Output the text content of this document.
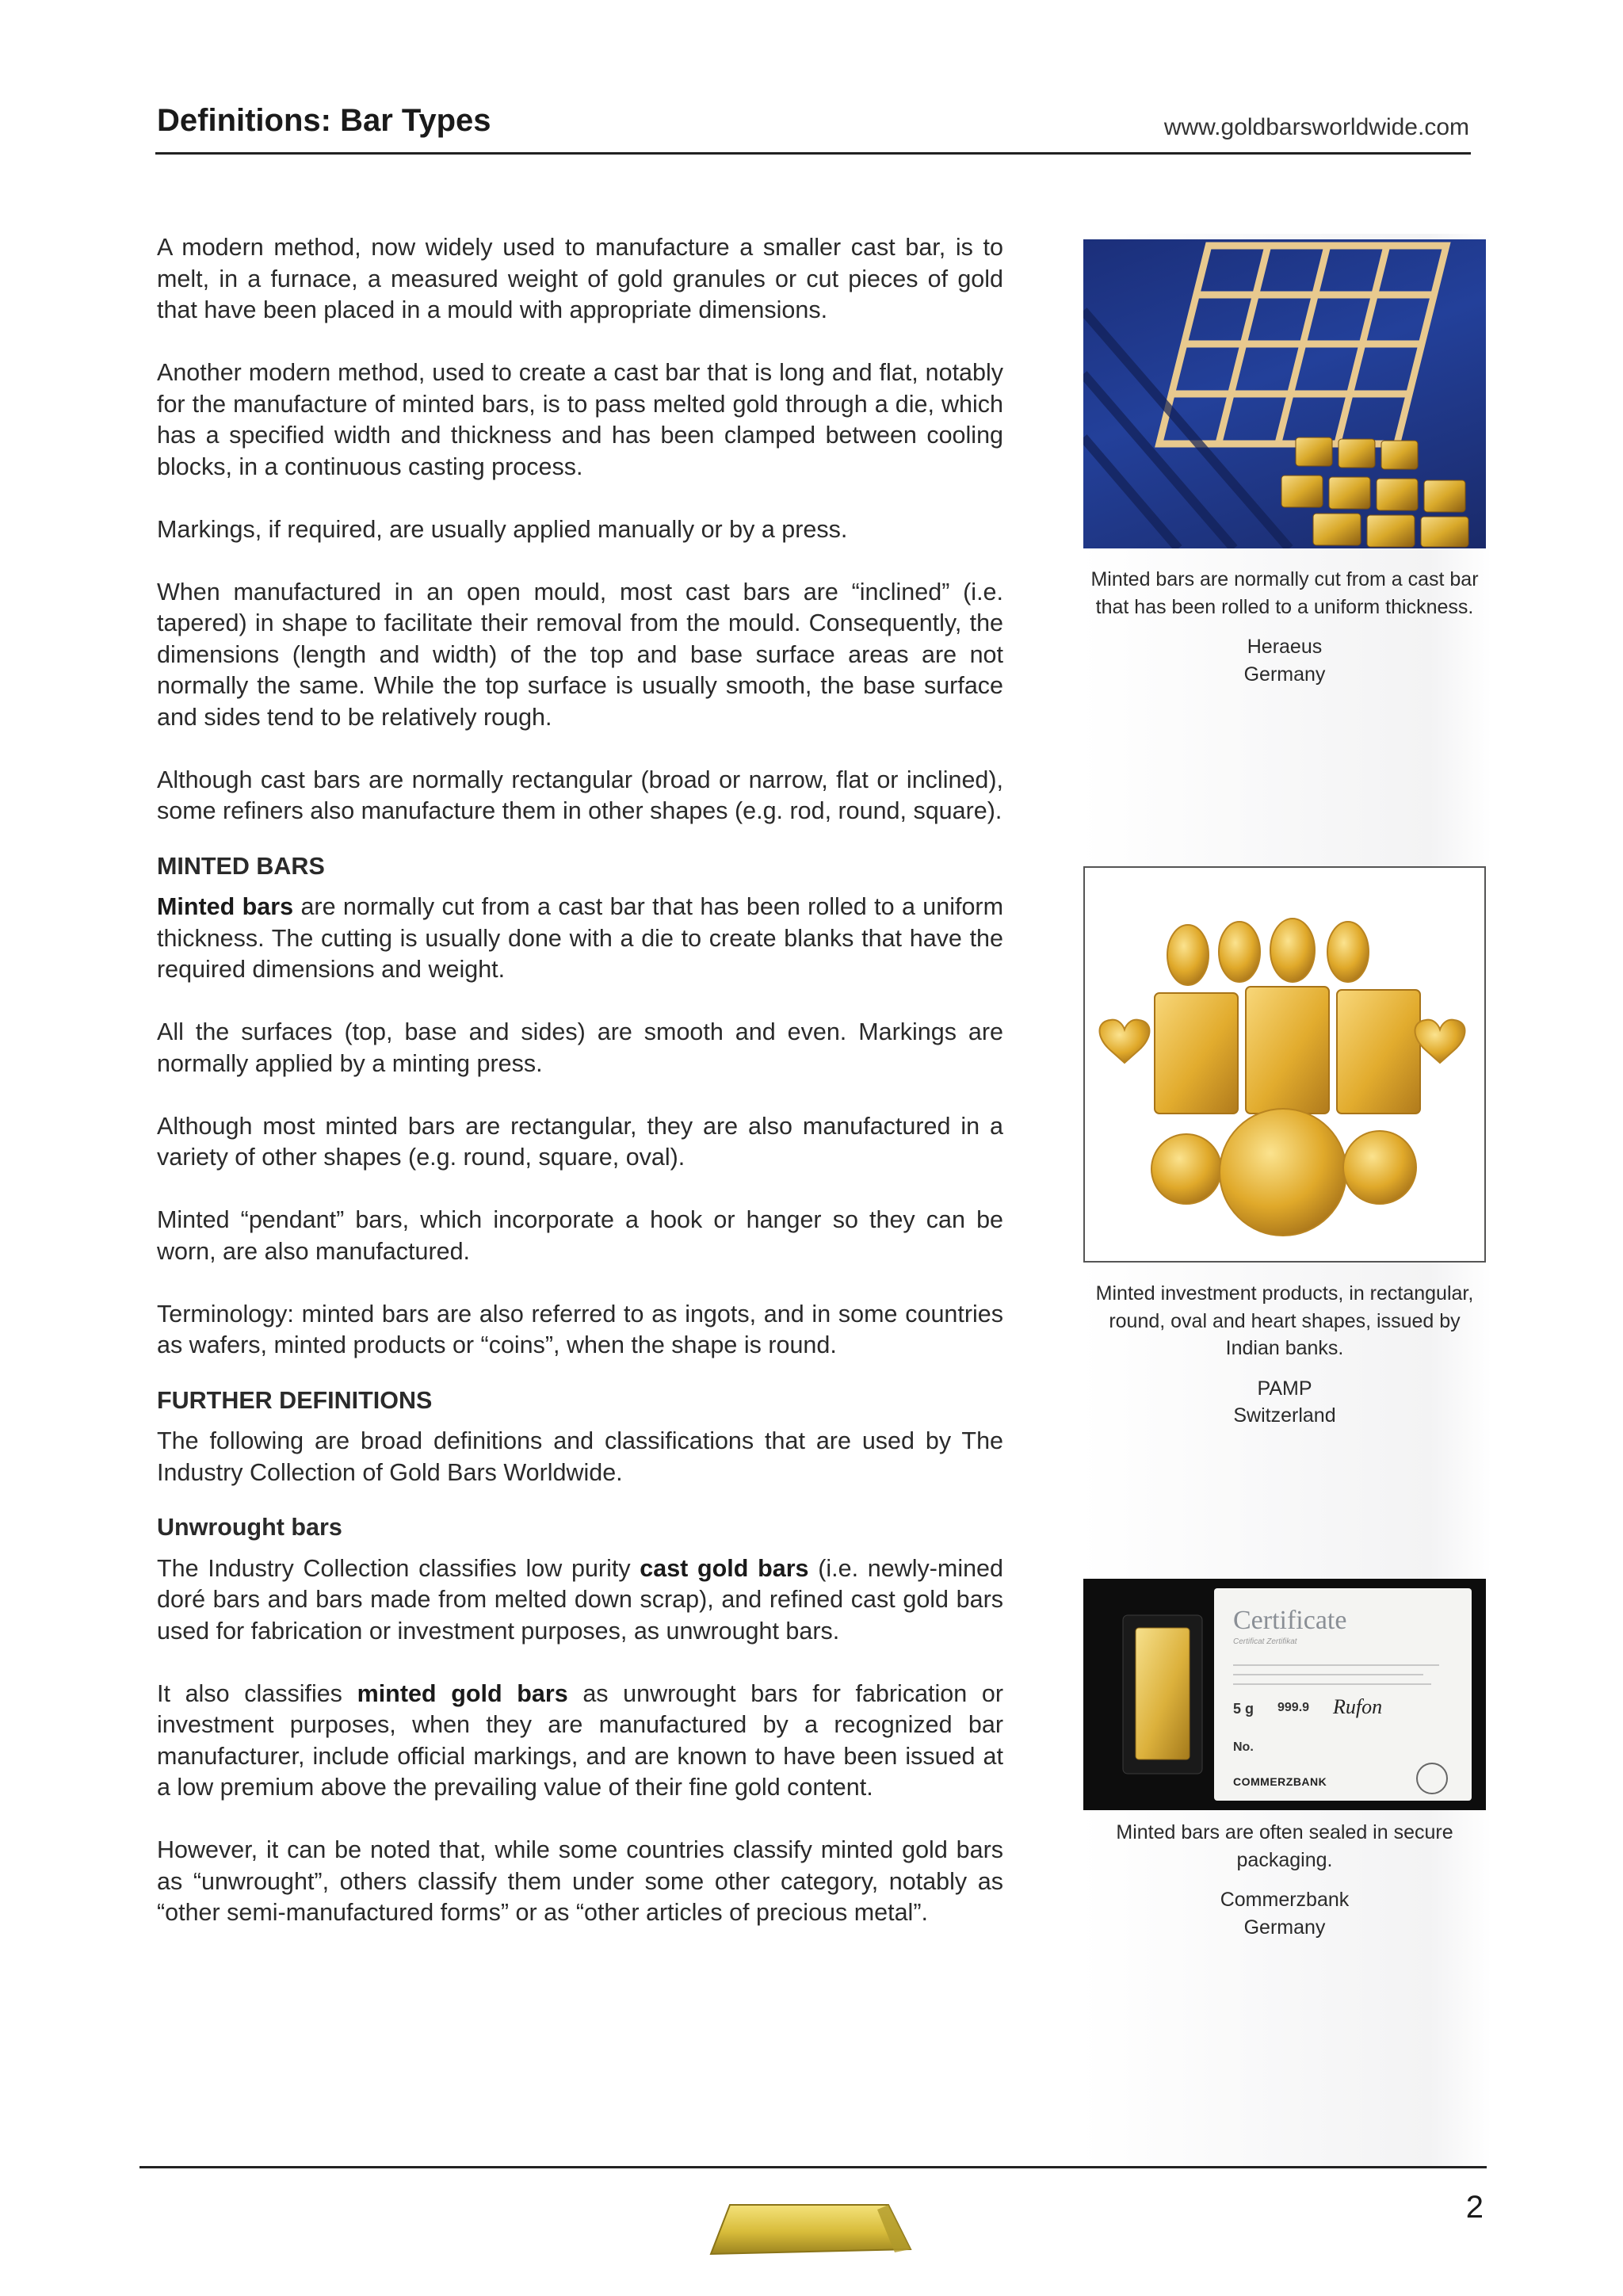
Definitions: Bar Types	www.goldbarsworldwide.com

A modern method, now widely used to manufacture a smaller cast bar, is to melt, in a furnace, a measured weight of gold granules or cut pieces of gold that have been placed in a mould with appropriate dimensions.

Another modern method, used to create a cast bar that is long and flat, notably for the manufacture of minted bars, is to pass melted gold through a die, which has a specified width and thickness and has been clamped between cooling blocks, in a continuous casting process.

Markings, if required, are usually applied manually or by a press.

When manufactured in an open mould, most cast bars are “inclined” (i.e. tapered) in shape to facilitate their removal from the mould. Consequently, the dimensions (length and width) of the top and base surface areas are not normally the same. While the top surface is usually smooth, the base surface and sides tend to be relatively rough.

Although cast bars are normally rectangular (broad or narrow, flat or inclined), some refiners also manufacture them in other shapes (e.g. rod, round, square).

MINTED BARS

Minted bars are normally cut from a cast bar that has been rolled to a uniform thickness. The cutting is usually done with a die to create blanks that have the required dimensions and weight.

All the surfaces (top, base and sides) are smooth and even. Markings are normally applied by a minting press.

Although most minted bars are rectangular, they are also manufactured in a variety of other shapes (e.g. round, square, oval).

Minted “pendant” bars, which incorporate a hook or hanger so they can be worn, are also manufactured.

Terminology: minted bars are also referred to as ingots, and in some countries as wafers, minted products or “coins”, when the shape is round.

FURTHER DEFINITIONS

The following are broad definitions and classifications that are used by The Industry Collection of Gold Bars Worldwide.

Unwrought bars

The Industry Collection classifies low purity cast gold bars (i.e. newly-mined doré bars and bars made from melted down scrap), and refined cast gold bars used for fabrication or investment purposes, as unwrought bars.

It also classifies minted gold bars as unwrought bars for fabrication or investment purposes, when they are manufactured by a recognized bar manufacturer, include official markings, and are known to have been issued at a low premium above the prevailing value of their fine gold content.

However, it can be noted that, while some countries classify minted gold bars as “unwrought”, others classify them under some other category, notably as “other semi-manufactured forms” or as “other articles of precious metal”.

Minted bars are normally cut from a cast bar that has been rolled to a uniform thickness.
Heraeus
Germany
Minted investment products, in rectangular, round, oval and heart shapes, issued by Indian banks.
PAMP
Switzerland
Certificate
Certificat Zertifikat
5 g 999.9 Rufon
No.
COMMERZBANK
Minted bars are often sealed in secure packaging.
Commerzbank
Germany
2
